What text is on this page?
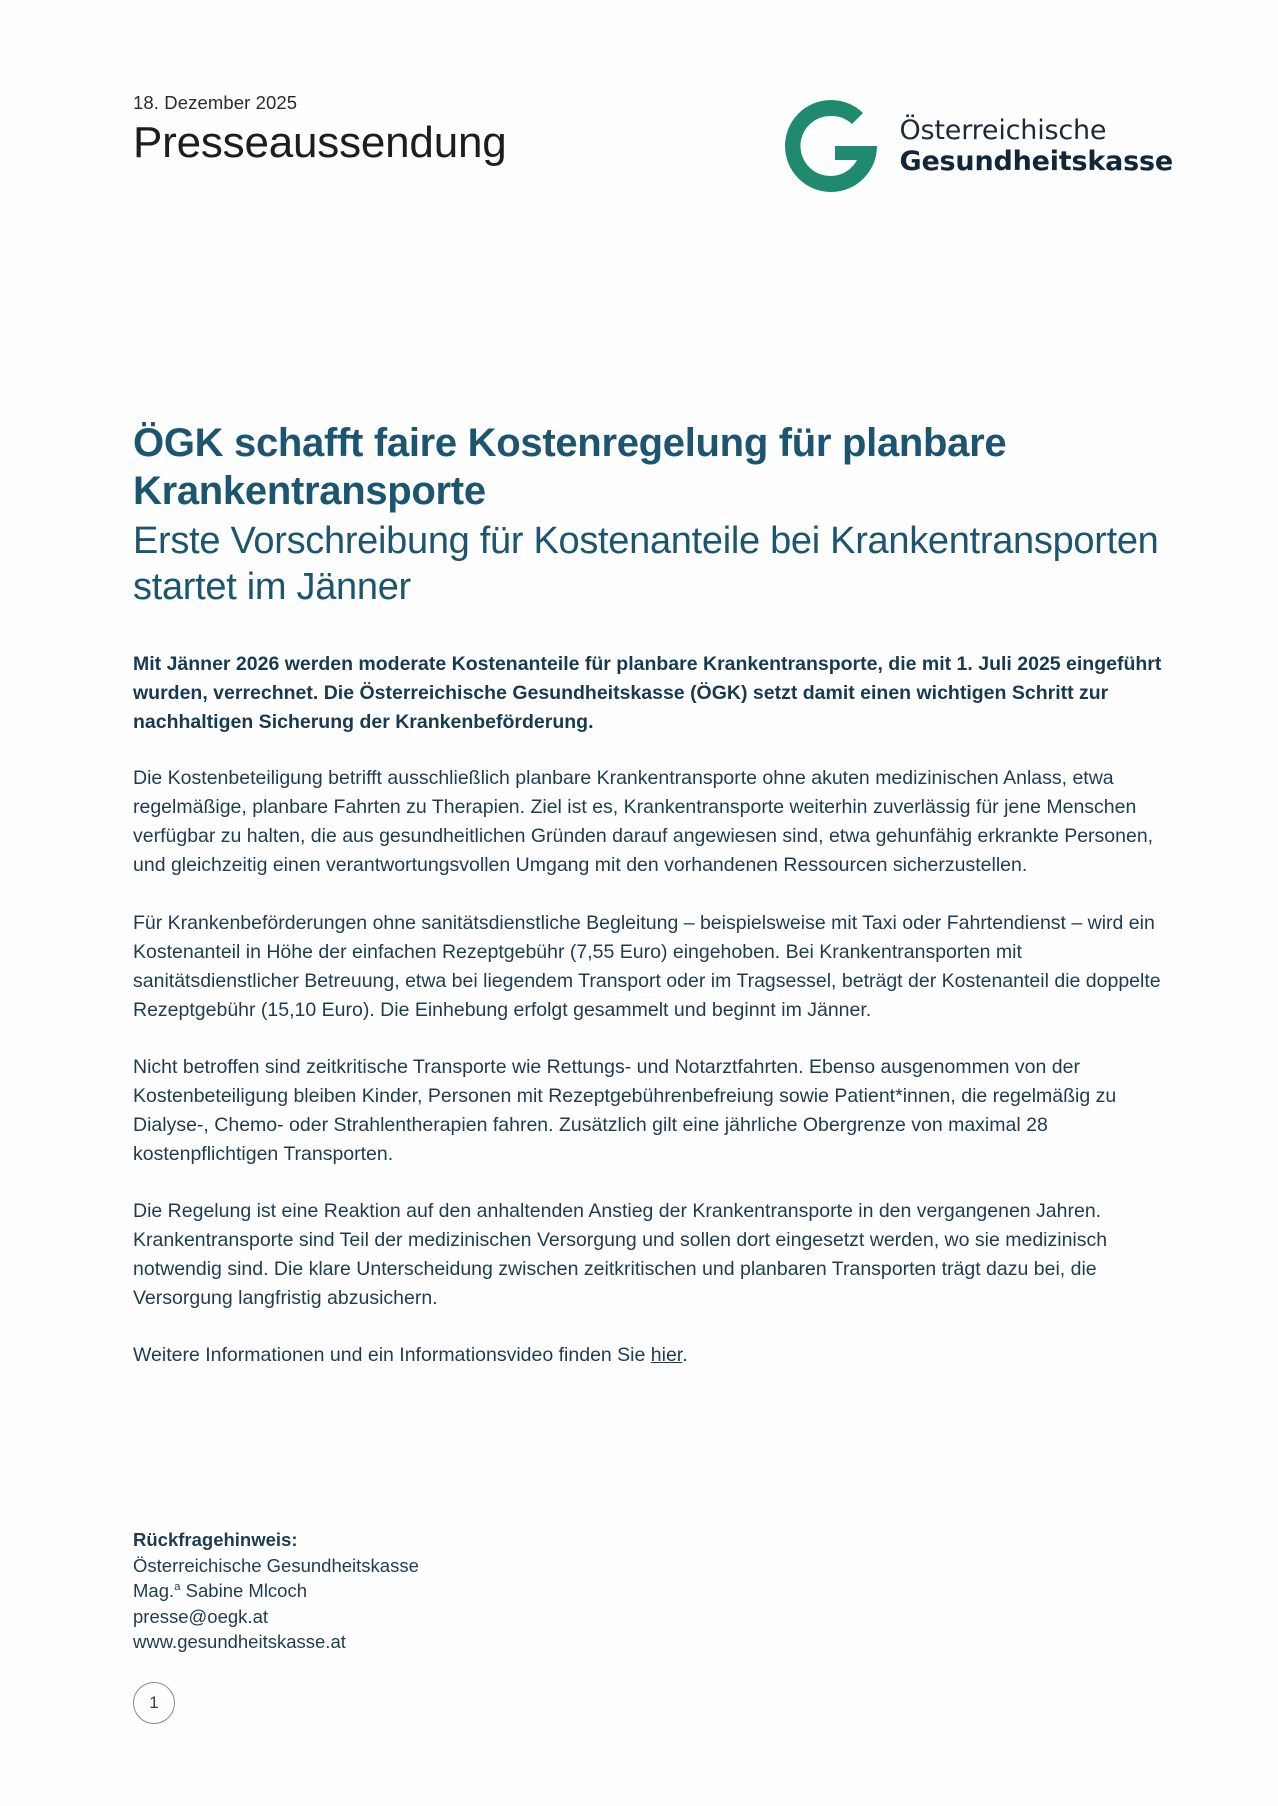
18. Dezember 2025

Presseaussendung	Österreichische
Gesundheitskasse
ÖGK schafft faire Kostenregelung für planbare Krankentransporte
Erste Vorschreibung für Kostenanteile bei Krankentransporten startet im Jänner

Mit Jänner 2026 werden moderate Kostenanteile für planbare Krankentransporte, die mit 1. Juli 2025 eingeführt wurden, verrechnet. Die Österreichische Gesundheitskasse (ÖGK) setzt damit einen wichtigen Schritt zur nachhaltigen Sicherung der Krankenbeförderung.

Die Kostenbeteiligung betrifft ausschließlich planbare Krankentransporte ohne akuten medizinischen Anlass, etwa regelmäßige, planbare Fahrten zu Therapien. Ziel ist es, Krankentransporte weiterhin zuverlässig für jene Menschen verfügbar zu halten, die aus gesundheitlichen Gründen darauf angewiesen sind, etwa gehunfähig erkrankte Personen, und gleichzeitig einen verantwortungsvollen Umgang mit den vorhandenen Ressourcen sicherzustellen.

Für Krankenbeförderungen ohne sanitätsdienstliche Begleitung – beispielsweise mit Taxi oder Fahrtendienst – wird ein Kostenanteil in Höhe der einfachen Rezeptgebühr (7,55 Euro) eingehoben. Bei Krankentransporten mit sanitätsdienstlicher Betreuung, etwa bei liegendem Transport oder im Tragsessel, beträgt der Kostenanteil die doppelte Rezeptgebühr (15,10 Euro). Die Einhebung erfolgt gesammelt und beginnt im Jänner.

Nicht betroffen sind zeitkritische Transporte wie Rettungs- und Notarztfahrten. Ebenso ausgenommen von der Kostenbeteiligung bleiben Kinder, Personen mit Rezeptgebührenbefreiung sowie Patient*innen, die regelmäßig zu Dialyse-, Chemo- oder Strahlentherapien fahren. Zusätzlich gilt eine jährliche Obergrenze von maximal 28 kostenpflichtigen Transporten.

Die Regelung ist eine Reaktion auf den anhaltenden Anstieg der Krankentransporte in den vergangenen Jahren. Krankentransporte sind Teil der medizinischen Versorgung und sollen dort eingesetzt werden, wo sie medizinisch notwendig sind. Die klare Unterscheidung zwischen zeitkritischen und planbaren Transporten trägt dazu bei, die Versorgung langfristig abzusichern.

Weitere Informationen und ein Informationsvideo finden Sie hier.

Rückfragehinweis:
Österreichische Gesundheitskasse
Mag.$^a$ Sabine Mlcoch
presse@oegk.at
www.gesundheitskasse.at
1
